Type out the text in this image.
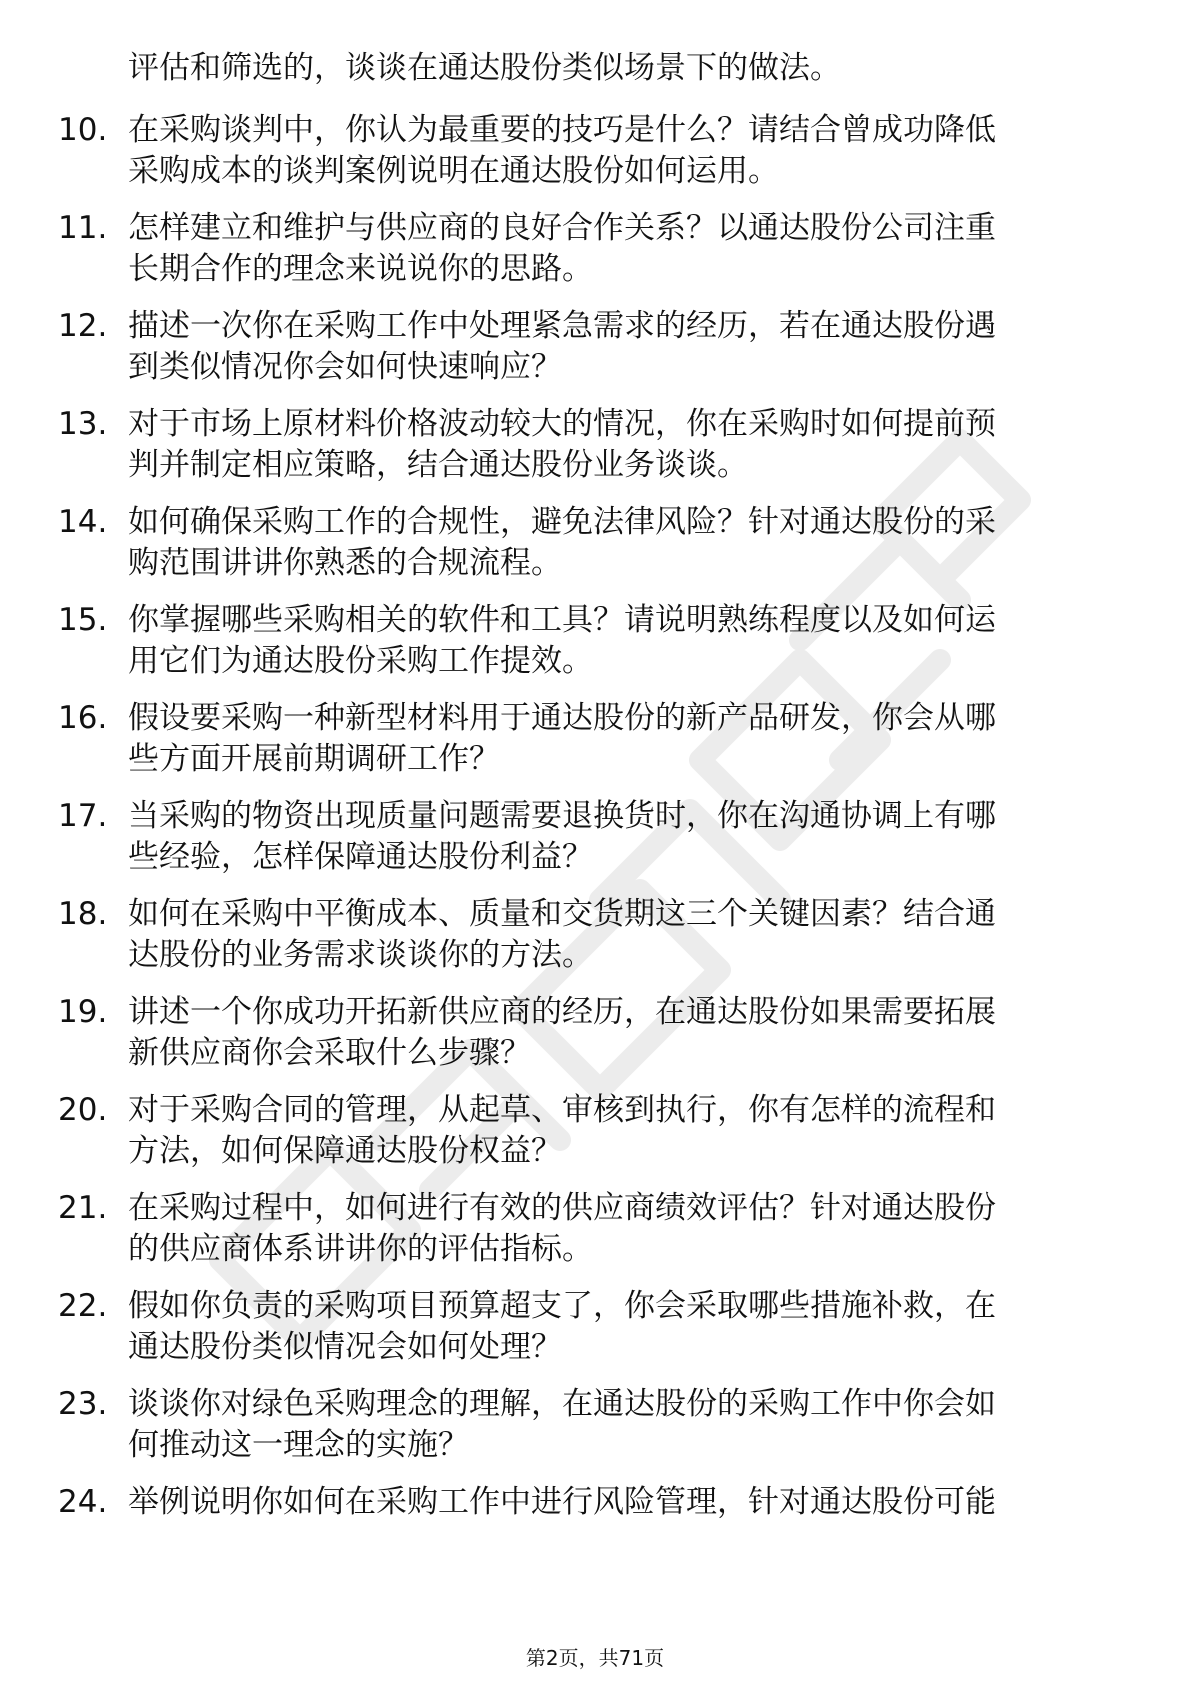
评估和筛选的，谈谈在通达股份类似场景下的做法。
10. 在采购谈判中，你认为最重要的技巧是什么？请结合曾成功降低
采购成本的谈判案例说明在通达股份如何运用。
11. 怎样建立和维护与供应商的良好合作关系？以通达股份公司注重
长期合作的理念来说说你的思路。
12. 描述一次你在采购工作中处理紧急需求的经历，若在通达股份遇
到类似情况你会如何快速响应？
13. 对于市场上原材料价格波动较大的情况，你在采购时如何提前预
判并制定相应策略，结合通达股份业务谈谈。
14. 如何确保采购工作的合规性，避免法律风险？针对通达股份的采
购范围讲讲你熟悉的合规流程。
15. 你掌握哪些采购相关的软件和工具？请说明熟练程度以及如何运
用它们为通达股份采购工作提效。
16. 假设要采购一种新型材料用于通达股份的新产品研发，你会从哪
些方面开展前期调研工作？
17. 当采购的物资出现质量问题需要退换货时，你在沟通协调上有哪
些经验，怎样保障通达股份利益？
18. 如何在采购中平衡成本、质量和交货期这三个关键因素？结合通
达股份的业务需求谈谈你的方法。
19. 讲述一个你成功开拓新供应商的经历，在通达股份如果需要拓展
新供应商你会采取什么步骤？
20. 对于采购合同的管理，从起草、审核到执行，你有怎样的流程和
方法，如何保障通达股份权益？
21. 在采购过程中，如何进行有效的供应商绩效评估？针对通达股份
的供应商体系讲讲你的评估指标。
22. 假如你负责的采购项目预算超支了，你会采取哪些措施补救，在
通达股份类似情况会如何处理？
23. 谈谈你对绿色采购理念的理解，在通达股份的采购工作中你会如
何推动这一理念的实施？
24. 举例说明你如何在采购工作中进行风险管理，针对通达股份可能
第2页，共71页
